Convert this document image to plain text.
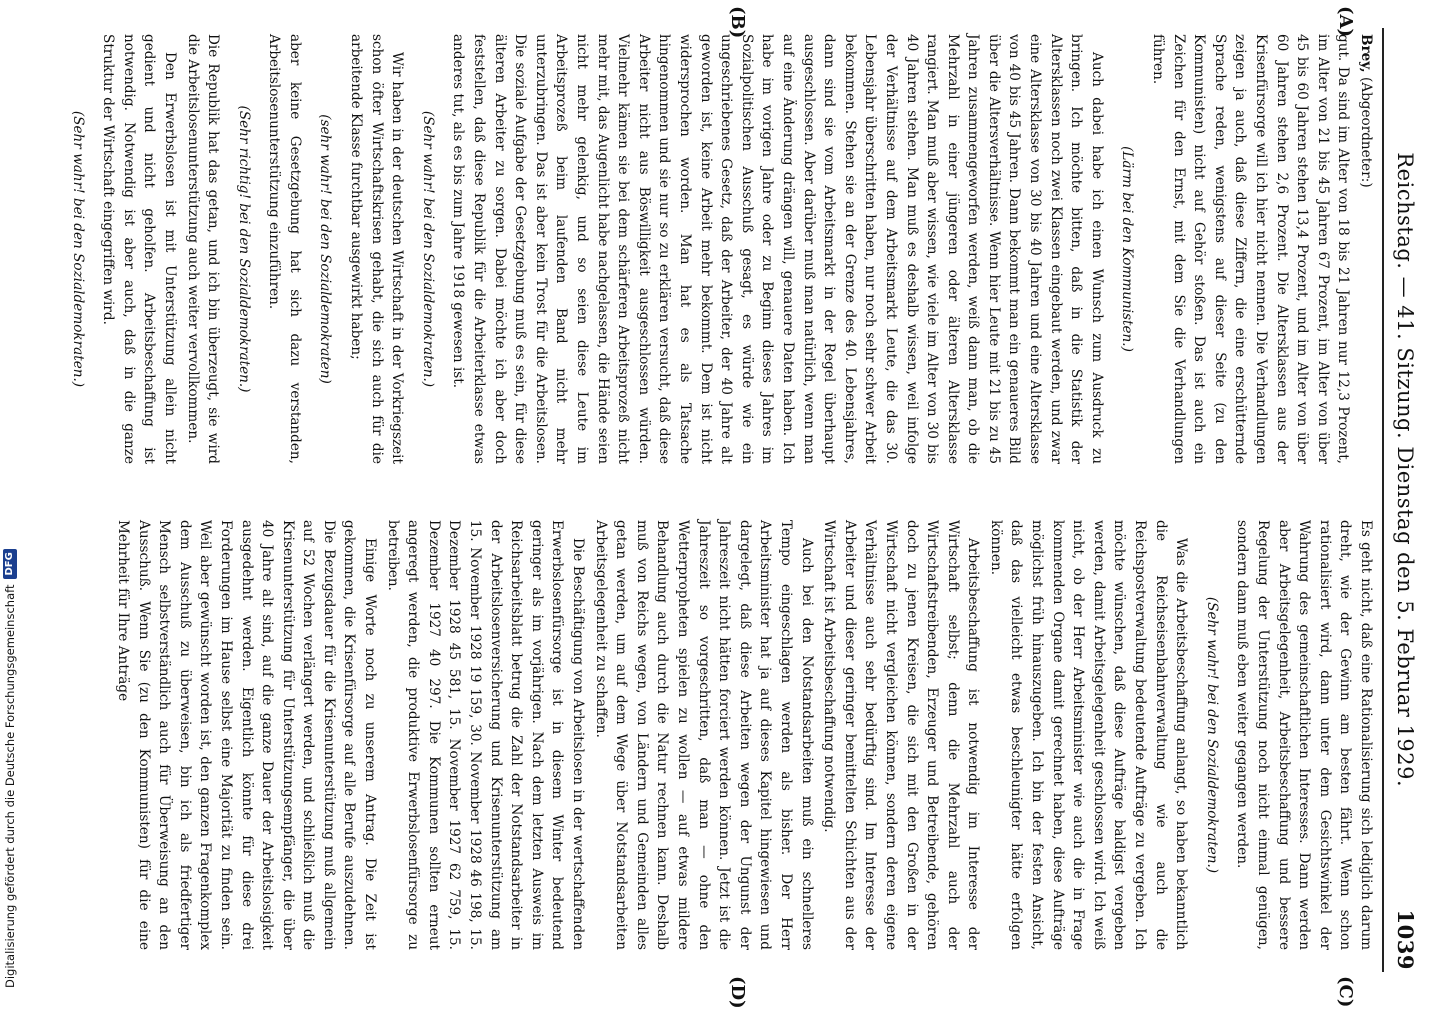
Reichstag. — 41. Sitzung. Dienstag den 5. Februar 1929.
1039
(A)
(B)
(C)
(D)

Brey, (Abgeordneter:)

gut. Da sind im Alter von 18 bis 21 Jahren nur 12,3 Prozent, im Alter von 21 bis 45 Jahren 67 Prozent, im Alter von über 45 bis 60 Jahren stehen 13,4 Prozent, und im Alter von über 60 Jahren stehen 2,6 Prozent. Die Altersklassen aus der Krisenfürsorge will ich hier nicht nennen. Die Verhandlungen zeigen ja auch, daß diese Ziffern, die eine erschütternde Sprache reden, wenigstens auf dieser Seite (zu den Kommunisten) nicht auf Gehör stoßen. Das ist auch ein Zeichen für den Ernst, mit dem Sie die Verhandlungen führen.

(Lärm bei den Kommunisten.)

Auch dabei habe ich einen Wunsch zum Ausdruck zu bringen. Ich möchte bitten, daß in die Statistik der Altersklassen noch zwei Klassen eingebaut werden, und zwar eine Altersklasse von 30 bis 40 Jahren und eine Altersklasse von 40 bis 45 Jahren. Dann bekommt man ein genaueres Bild über die Altersverhältnisse. Wenn hier Leute mit 21 bis zu 45 Jahren zusammengeworfen werden, weiß dann man, ob die Mehrzahl in einer jüngeren oder älteren Altersklasse rangiert. Man muß aber wissen, wie viele im Alter von 30 bis 40 Jahren stehen. Man muß es deshalb wissen, weil infolge der Verhältnisse auf dem Arbeitsmarkt Leute, die das 30. Lebensjahr überschritten haben, nur noch sehr schwer Arbeit bekommen. Stehen sie an der Grenze des 40. Lebensjahres, dann sind sie vom Arbeitsmarkt in der Regel überhaupt ausgeschlossen. Aber darüber muß man natürlich, wenn man auf eine Änderung drängen will, genauere Daten haben. Ich habe im vorigen Jahre oder zu Beginn dieses Jahres im Sozialpolitischen Ausschuß gesagt, es würde wie ein ungeschriebenes Gesetz, daß der Arbeiter, der 40 Jahre alt geworden ist, keine Arbeit mehr bekommt. Dem ist nicht widersprochen worden. Man hat es als Tatsache hingenommen und sie nur so zu erklären versucht, daß diese Arbeiter nicht aus Böswilligkeit ausgeschlossen würden. Vielmehr kämen sie bei dem schärferen Arbeitsprozeß nicht mehr mit, das Augenlicht habe nachgelassen, die Hände seien nicht mehr gelenkig, und so seien diese Leute im Arbeitsprozeß beim laufenden Band nicht mehr unterzubringen. Das ist aber kein Trost für die Arbeitslosen. Die soziale Aufgabe der Gesetzgebung muß es sein, für diese älteren Arbeiter zu sorgen. Dabei möchte ich aber doch feststellen, daß diese Republik für die Arbeiterklasse etwas anderes tut, als es bis zum Jahre 1918 gewesen ist.

(Sehr wahr! bei den Sozialdemokraten.)

Wir haben in der deutschen Wirtschaft in der Vorkriegszeit schon öfter Wirtschaftskrisen gehabt, die sich auch für die arbeitende Klasse furchtbar ausgewirkt haben;

(sehr wahr! bei den Sozialdemokraten)

aber keine Gesetzgebung hat sich dazu verstanden, Arbeitslosenunterstützung einzuführen.

(Sehr richtig! bei den Sozialdemokraten.)

Die Republik hat das getan, und ich bin überzeugt, sie wird die Arbeitslosenunterstützung auch weiter vervollkommen.

Den Erwerbslosen ist mit Unterstützung allein nicht gedient und nicht geholfen. Arbeitsbeschaffung ist notwendig. Notwendig ist aber auch, daß in die ganze Struktur der Wirtschaft eingegriffen wird.

(Sehr wahr! bei den Sozialdemokraten.)

Es geht nicht, daß eine Rationalisierung sich lediglich darum dreht, wie der Gewinn am besten fährt. Wenn schon rationalisiert wird, dann unter dem Gesichtswinkel der Wahrung des gemeinschaftlichen Interesses. Dann werden aber Arbeitsgelegenheit, Arbeitsbeschaffung und bessere Regelung der Unterstützung noch nicht einmal genügen, sondern dann muß eben weiter gegangen werden.

(Sehr wahr! bei den Sozialdemokraten.)

Was die Arbeitsbeschaffung anlangt, so haben bekanntlich die Reichseisenbahnverwaltung wie auch die Reichspostverwaltung bedeutende Aufträge zu vergeben. Ich möchte wünschen, daß diese Aufträge baldigst vergeben werden, damit Arbeitsgelegenheit geschlossen wird. Ich weiß nicht, ob der Herr Arbeitsminister wie auch die in Frage kommenden Organe damit gerechnet haben, diese Aufträge möglichst früh hinauszugeben. Ich bin der festen Ansicht, daß das vielleicht etwas beschleunigter hätte erfolgen können.

Arbeitsbeschaffung ist notwendig im Interesse der Wirtschaft selbst; denn die Mehrzahl auch der Wirtschaftstreibenden, Erzeuger und Betreibende, gehören doch zu jenen Kreisen, die sich mit den Großen in der Wirtschaft nicht vergleichen können, sondern deren eigene Verhältnisse auch sehr bedürftig sind. Im Interesse der Arbeiter und dieser geringer bemittelten Schichten aus der Wirtschaft ist Arbeitsbeschaffung notwendig.

Auch bei den Notstandsarbeiten muß ein schnelleres Tempo eingeschlagen werden als bisher. Der Herr Arbeitsminister hat ja auf dieses Kapitel hingewiesen und dargelegt, daß diese Arbeiten wegen der Ungunst der Jahreszeit nicht hätten forciert werden können. Jetzt ist die Jahreszeit so vorgeschritten, daß man — ohne den Wetterpropheten spielen zu wollen — auf etwas mildere Behandlung auch durch die Natur rechnen kann. Deshalb muß von Reichs wegen, von Ländern und Gemeinden alles getan werden, um auf dem Wege über Notstandsarbeiten Arbeitsgelegenheit zu schaffen.

Die Beschäftigung von Arbeitslosen in der wertschaffenden Erwerbslosenfürsorge ist in diesem Winter bedeutend geringer als im vorjährigen. Nach dem letzten Ausweis im Reichsarbeitsblatt betrug die Zahl der Notstandsarbeiter in der Arbeitslosenversicherung und Krisenunterstützung am 15. November 1928 19 159, 30. November 1928 46 198, 15. Dezember 1928 45 581, 15. November 1927 62 759, 15. Dezember 1927 40 297. Die Kommunen sollten erneut angeregt werden, die produktive Erwerbslosenfürsorge zu betreiben.

Einige Worte noch zu unserem Antrag. Die Zeit ist gekommen, die Krisenfürsorge auf alle Berufe auszudehnen. Die Bezugsdauer für die Krisenunterstützung muß allgemein auf 52 Wochen verlängert werden, und schließlich muß die Krisenunterstützung für Unterstützungsempfänger, die über 40 Jahre alt sind, auf die ganze Dauer der Arbeitslosigkeit ausgedehnt werden. Eigentlich könnte für diese drei Forderungen im Hause selbst eine Majorität zu finden sein. Weil aber gewünscht worden ist, den ganzen Fragenkomplex dem Ausschuß zu überweisen, bin ich als friedfertiger Mensch selbstverständlich auch für Überweisung an den Ausschuß. Wenn Sie (zu den Kommunisten) für die eine Mehrheit für Ihre Anträge

Digitalisierung gefördert durch die Deutsche Forschungsgemeinschaft
DFG
